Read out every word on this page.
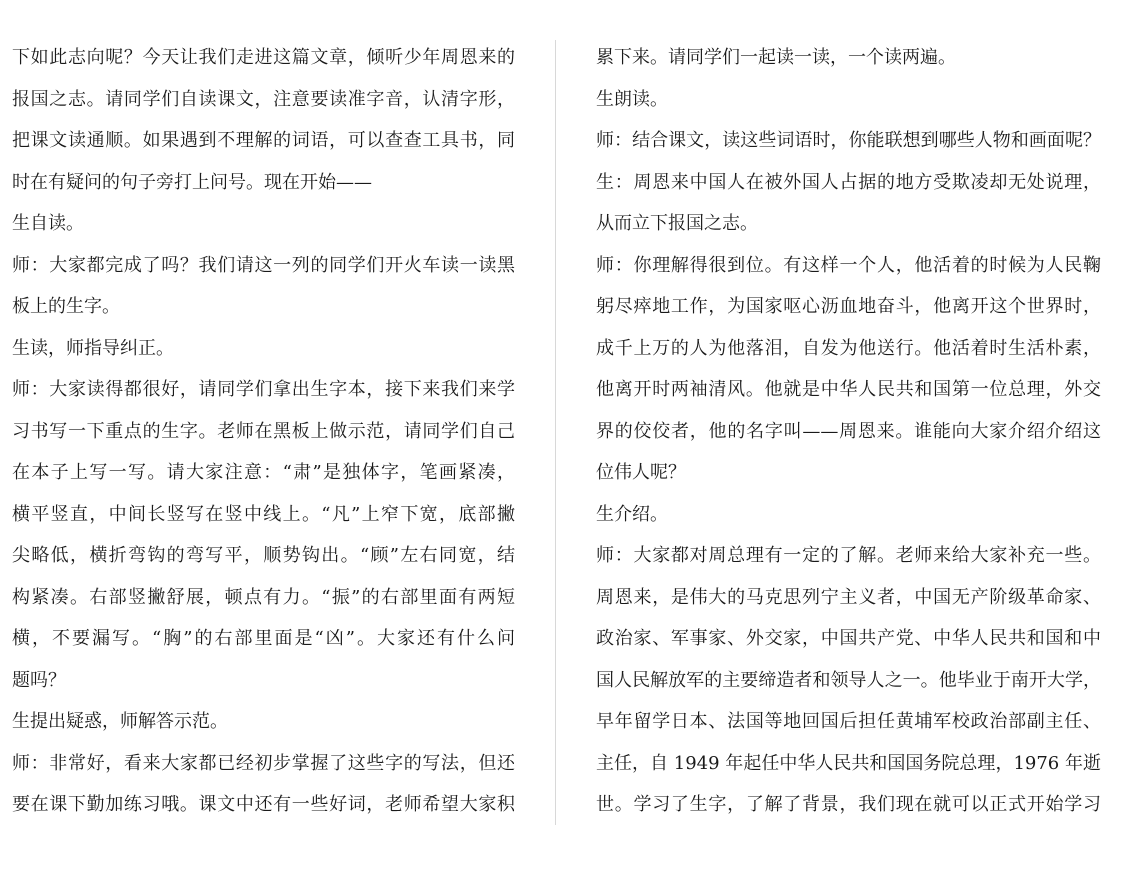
下如此志向呢？今天让我们走进这篇文章，倾听少年周恩来的
报国之志。请同学们自读课文，注意要读准字音，认清字形，
把课文读通顺。如果遇到不理解的词语，可以查查工具书，同
时在有疑问的句子旁打上问号。现在开始——
生自读。
师：大家都完成了吗？我们请这一列的同学们开火车读一读黑
板上的生字。
生读，师指导纠正。
师：大家读得都很好，请同学们拿出生字本，接下来我们来学
习书写一下重点的生字。老师在黑板上做示范，请同学们自己
在本子上写一写。请大家注意：“肃”是独体字，笔画紧凑，
横平竖直，中间长竖写在竖中线上。“凡”上窄下宽，底部撇
尖略低，横折弯钩的弯写平，顺势钩出。“顾”左右同宽，结
构紧凑。右部竖撇舒展，顿点有力。“振”的右部里面有两短
横，不要漏写。“胸”的右部里面是“凶”。大家还有什么问
题吗？
生提出疑惑，师解答示范。
师：非常好，看来大家都已经初步掌握了这些字的写法，但还
要在课下勤加练习哦。课文中还有一些好词，老师希望大家积
累下来。请同学们一起读一读，一个读两遍。
生朗读。
师：结合课文，读这些词语时，你能联想到哪些人物和画面呢？
生：周恩来中国人在被外国人占据的地方受欺凌却无处说理，
从而立下报国之志。
师：你理解得很到位。有这样一个人，他活着的时候为人民鞠
躬尽瘁地工作，为国家呕心沥血地奋斗，他离开这个世界时，
成千上万的人为他落泪，自发为他送行。他活着时生活朴素，
他离开时两袖清风。他就是中华人民共和国第一位总理，外交
界的佼佼者，他的名字叫——周恩来。谁能向大家介绍介绍这
位伟人呢？
生介绍。
师：大家都对周总理有一定的了解。老师来给大家补充一些。
周恩来，是伟大的马克思列宁主义者，中国无产阶级革命家、
政治家、军事家、外交家，中国共产党、中华人民共和国和中
国人民解放军的主要缔造者和领导人之一。他毕业于南开大学，
早年留学日本、法国等地回国后担任黄埔军校政治部副主任、
主任，自 1949 年起任中华人民共和国国务院总理，1976 年逝
世。学习了生字，了解了背景，我们现在就可以正式开始学习
